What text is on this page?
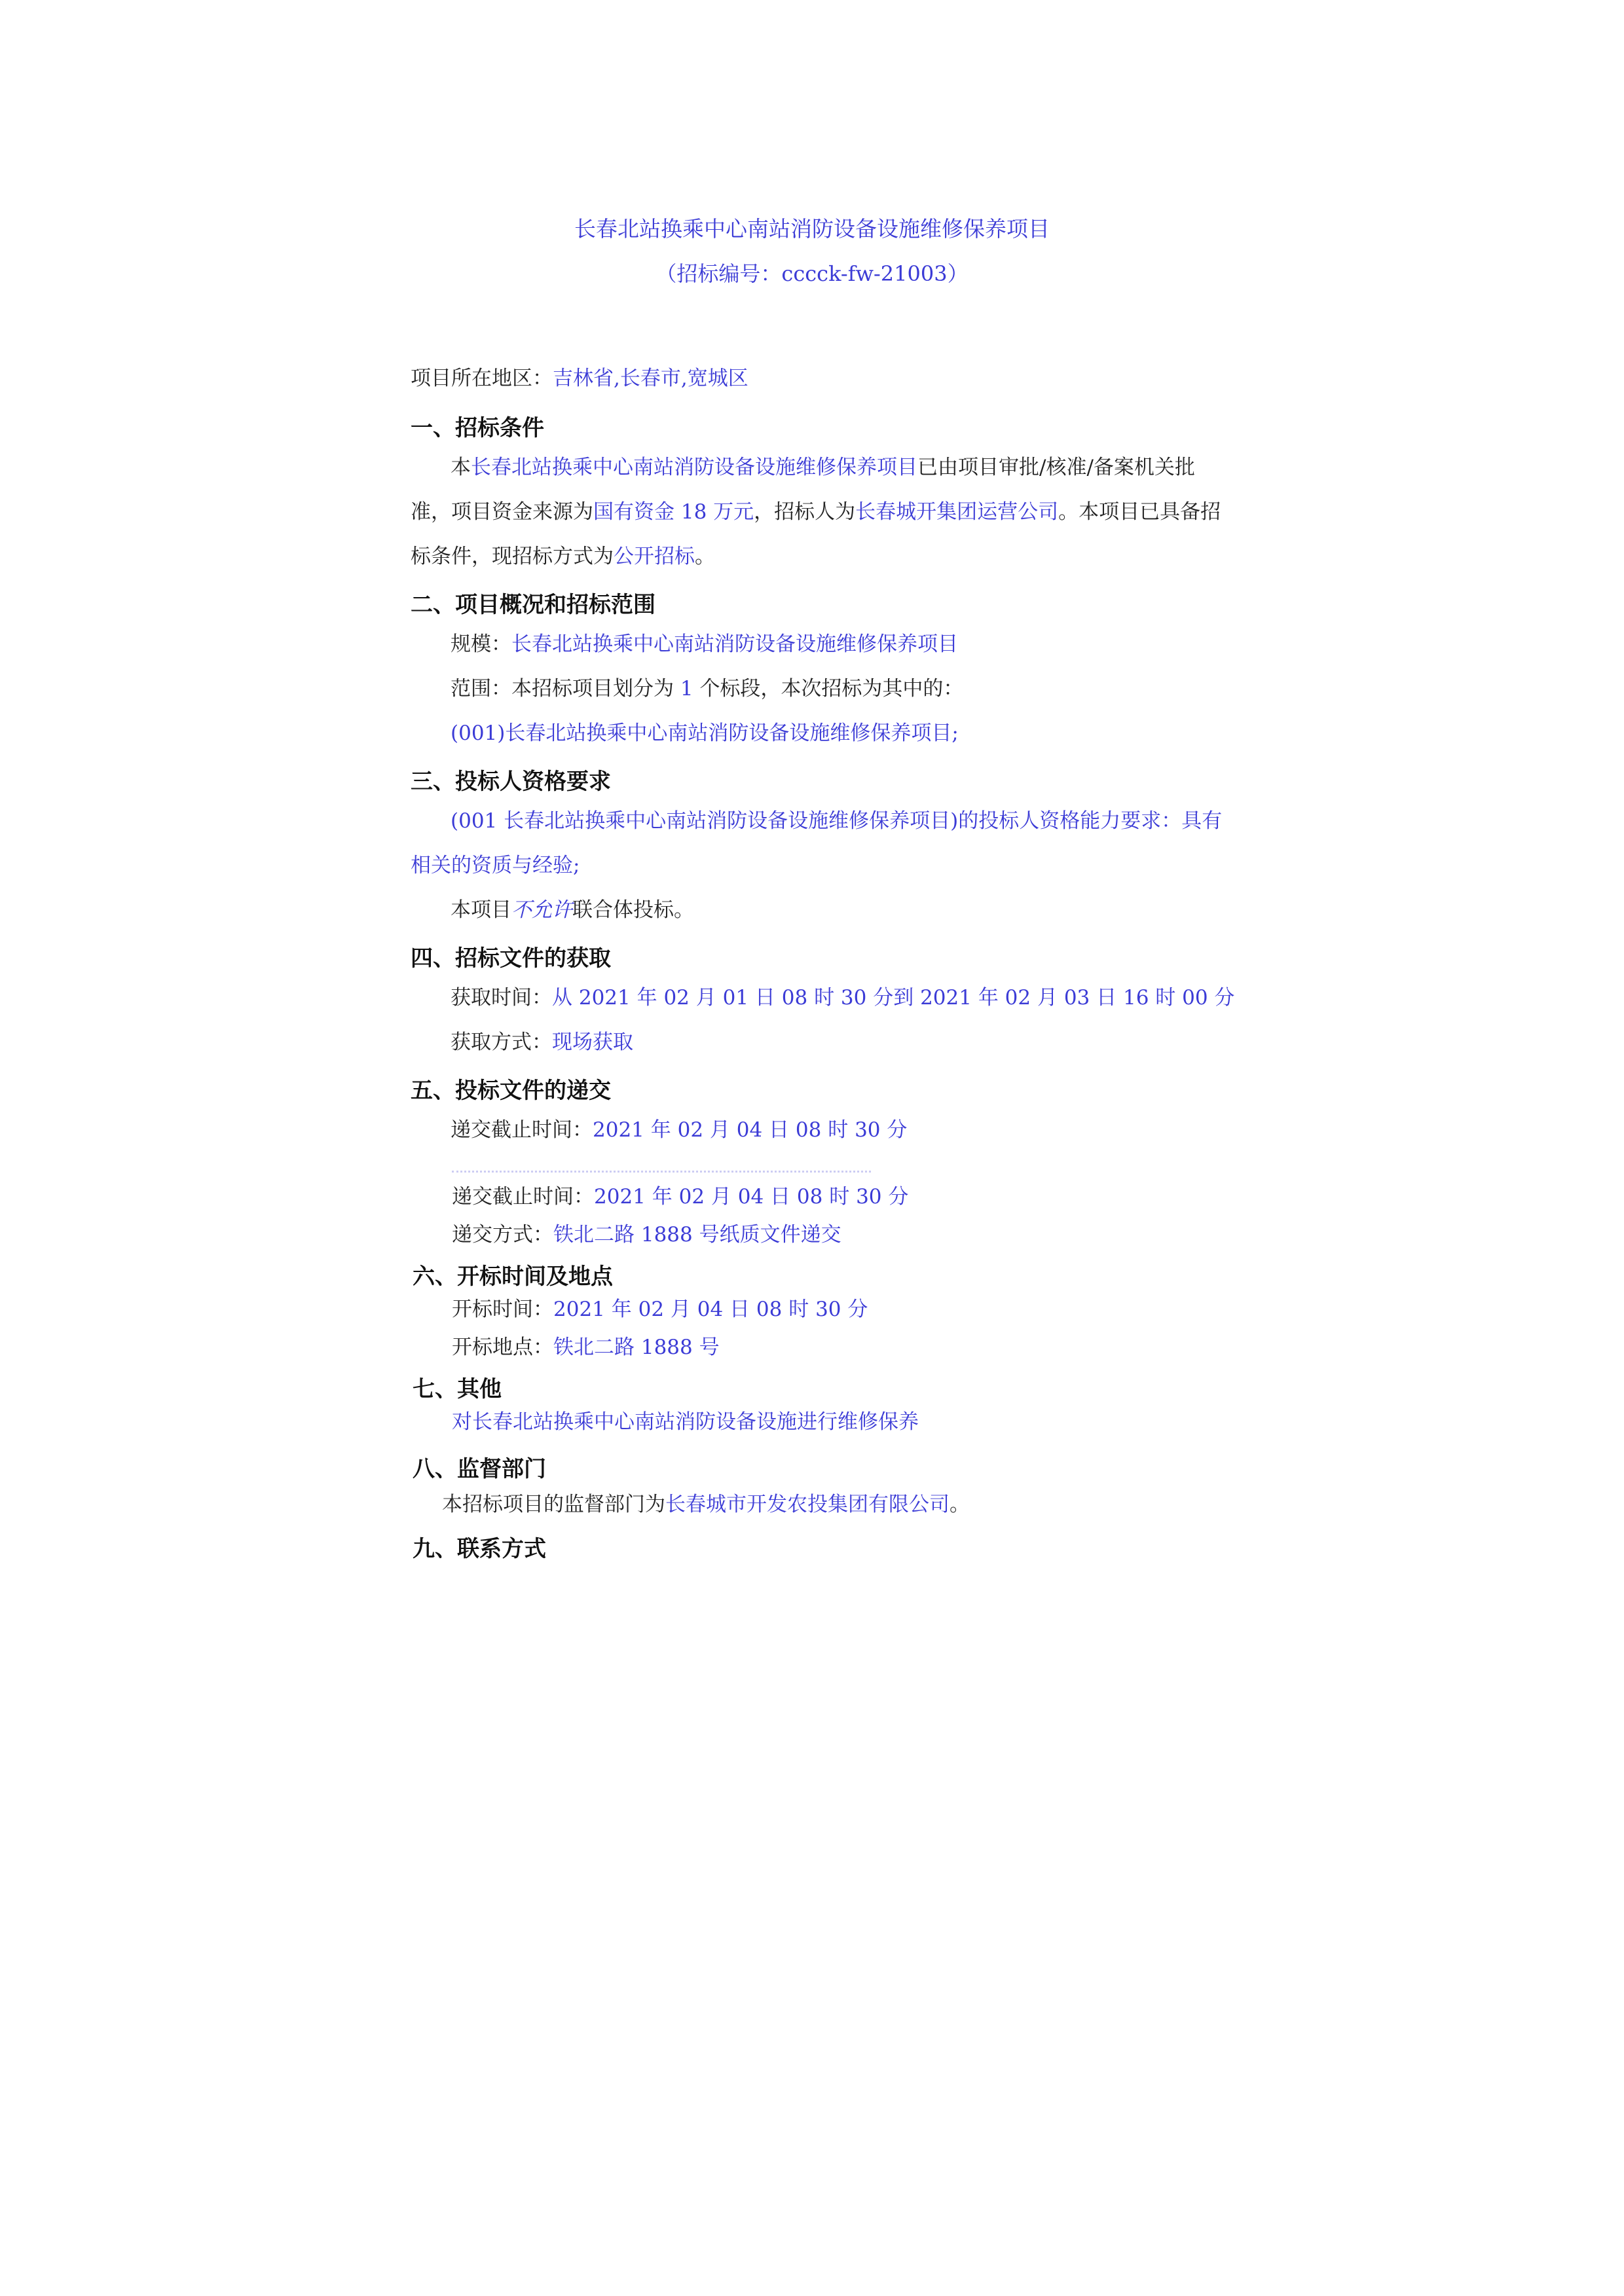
长春北站换乘中心南站消防设备设施维修保养项目
（招标编号：cccck-fw-21003）
项目所在地区：吉林省,长春市,宽城区
一、招标条件
本长春北站换乘中心南站消防设备设施维修保养项目已由项目审批/核准/备案机关批
准，项目资金来源为国有资金 18 万元，招标人为长春城开集团运营公司。本项目已具备招
标条件，现招标方式为公开招标。
二、项目概况和招标范围
规模：长春北站换乘中心南站消防设备设施维修保养项目
范围：本招标项目划分为 1 个标段，本次招标为其中的：
(001)长春北站换乘中心南站消防设备设施维修保养项目;
三、投标人资格要求
(001 长春北站换乘中心南站消防设备设施维修保养项目)的投标人资格能力要求：具有
相关的资质与经验;
本项目不允许联合体投标。
四、招标文件的获取
获取时间：从 2021 年 02 月 01 日 08 时 30 分到 2021 年 02 月 03 日 16 时 00 分
获取方式：现场获取
五、投标文件的递交
递交截止时间：2021 年 02 月 04 日 08 时 30 分
递交截止时间：2021 年 02 月 04 日 08 时 30 分
递交方式：铁北二路 1888 号纸质文件递交
六、开标时间及地点
开标时间：2021 年 02 月 04 日 08 时 30 分
开标地点：铁北二路 1888 号
七、其他
对长春北站换乘中心南站消防设备设施进行维修保养
八、监督部门
本招标项目的监督部门为长春城市开发农投集团有限公司。
九、联系方式
